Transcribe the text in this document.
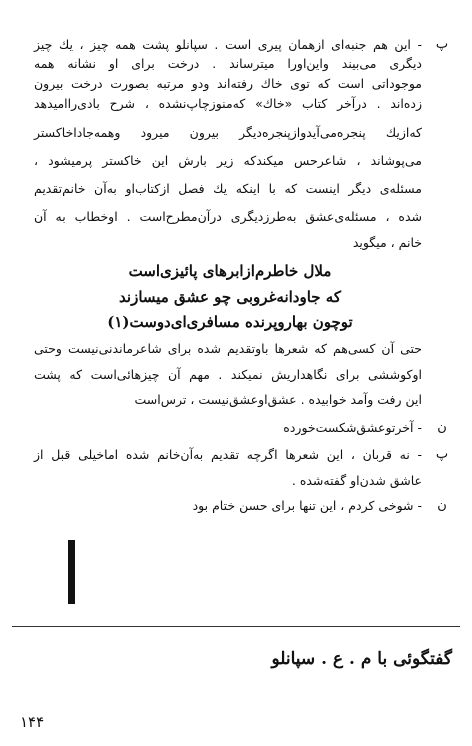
پ
- این هم جنبه‌ای ازهمان پیری است . سپانلو پشت همه چیز ، یك چیز
دیگری می‌بیند واین‌اورا میترساند . درخت برای او نشانه همه
موجوداتی است که توی خاك رفته‌اند ودو مرتبه بصورت درخت بیرون
زده‌اند . درآخر کتاب «خاك» که‌منوزچاپ‌نشده ، شرح بادی‌راامیدهد
که‌ازیك پنجره‌می‌آیدوازپنجره‌دیگر بیرون میرود وهمه‌جاداخاکستر
می‌پوشاند ، شاعر‌حس میکند‌که زیر بارش این خاکستر پرمیشود ،
مسئله‌ی دیگر اینست که با اینکه یك فصل ازکتاب‌او به‌آن خانم‌تقدیم
شده ، مسئله‌ی‌عشق به‌طرزدیگری درآن‌مطرح‌است . اوخطاب به آن
خانم ، میگوید
ملال خاطرم‌ازابرهای پائیزی‌است
که جاودانه‌غروبی چو عشق میسازند
توچون بهاروپرنده مسافری‌ای‌دوست(۱)
حتی آن کسی‌هم که شعرها باوتقدیم شده برای شاعرماندنی‌نیست وحتی
اوکوششی برای نگاهداریش نمیکند . مهم آن چیزهائی‌است که پشت
این رفت وآمد خوابیده . عشق‌اوعشق‌نیست ، ترس‌است
ن
- آخر‌توعشق‌شکست‌خورده
پ
- نه قربان ، این شعرها اگرچه تقدیم به‌آن‌خانم شده اماخیلی قبل از
عاشق شدن‌او گفته‌شده .
ن
- شوخی کردم ، این تنها برای حسن ختام بود
گفتگوئی با م . ع . سپانلو
۱۴۴
